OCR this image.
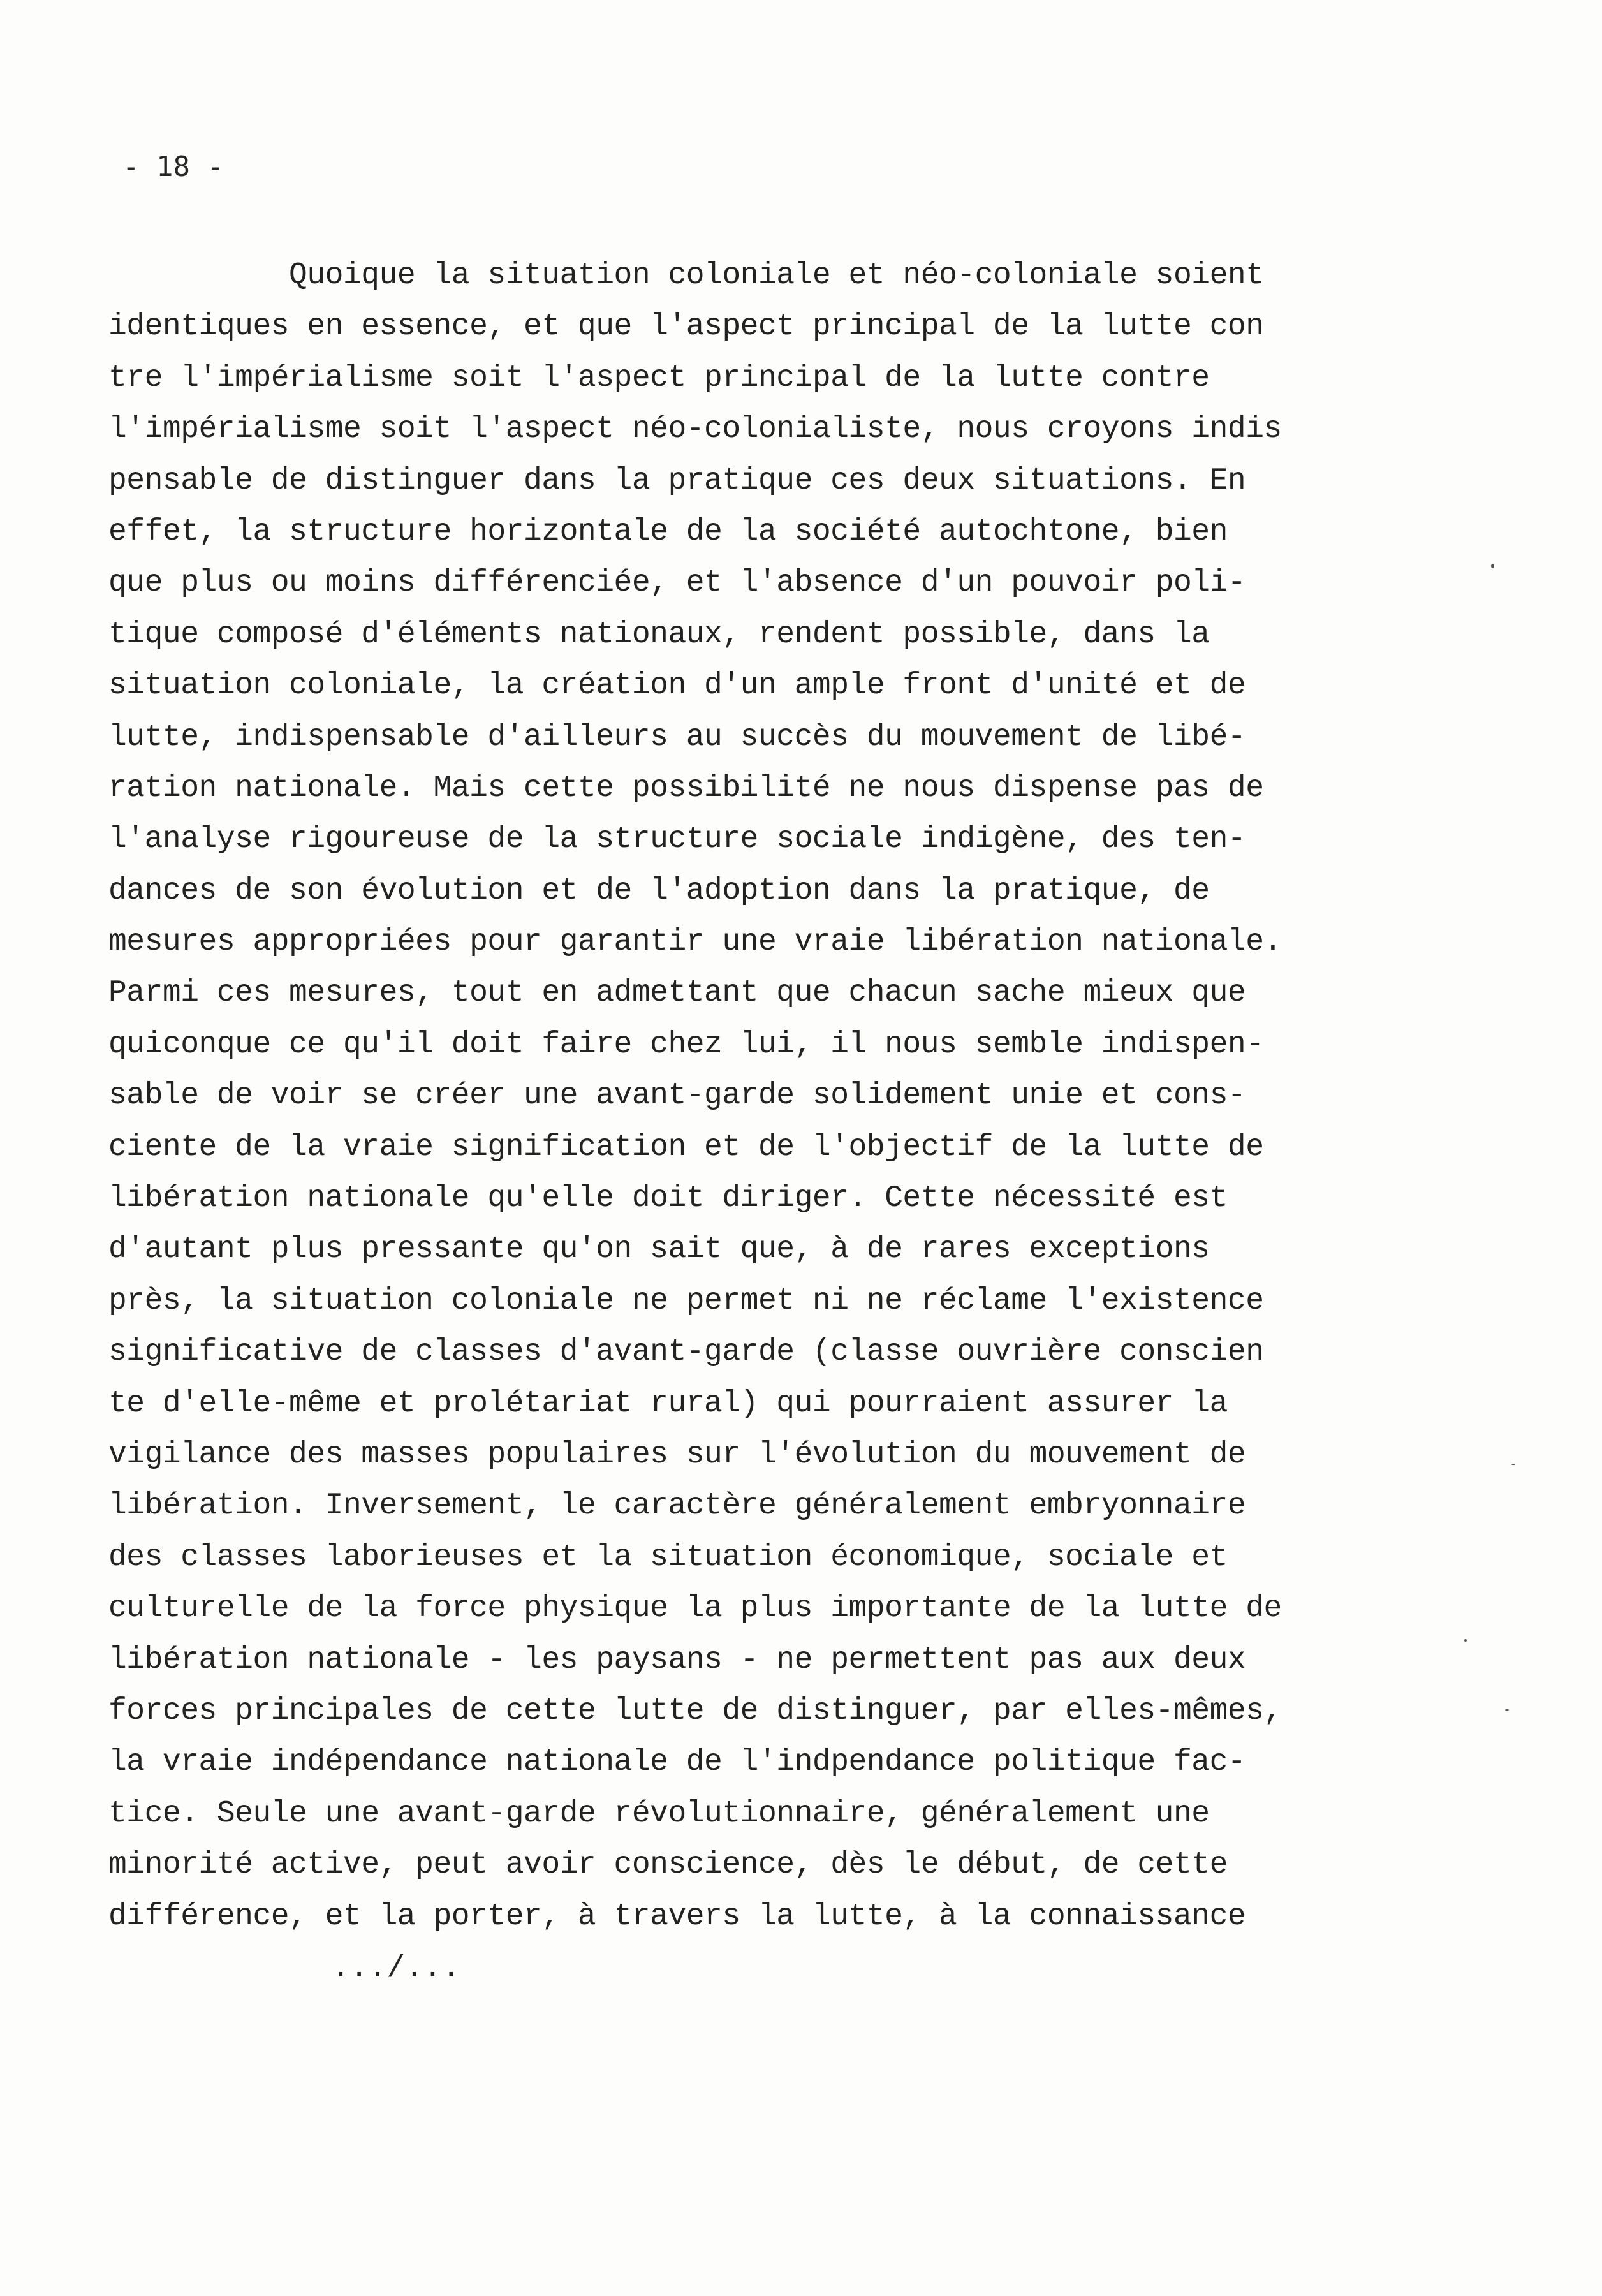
- 18 -
Quoique la situation coloniale et néo-coloniale soient
identiques en essence, et que l'aspect principal de la lutte con
tre l'impérialisme soit l'aspect principal de la lutte contre
l'impérialisme soit l'aspect néo-colonialiste, nous croyons indis
pensable de distinguer dans la pratique ces deux situations. En
effet, la structure horizontale de la société autochtone, bien
que plus ou moins différenciée, et l'absence d'un pouvoir poli-
tique composé d'éléments nationaux, rendent possible, dans la
situation coloniale, la création d'un ample front d'unité et de
lutte, indispensable d'ailleurs au succès du mouvement de libé-
ration nationale. Mais cette possibilité ne nous dispense pas de
l'analyse rigoureuse de la structure sociale indigène, des ten-
dances de son évolution et de l'adoption dans la pratique, de
mesures appropriées pour garantir une vraie libération nationale.
Parmi ces mesures, tout en admettant que chacun sache mieux que
quiconque ce qu'il doit faire chez lui, il nous semble indispen-
sable de voir se créer une avant-garde solidement unie et cons-
ciente de la vraie signification et de l'objectif de la lutte de
libération nationale qu'elle doit diriger. Cette nécessité est
d'autant plus pressante qu'on sait que, à de rares exceptions
près, la situation coloniale ne permet ni ne réclame l'existence
significative de classes d'avant-garde (classe ouvrière conscien
te d'elle-même et prolétariat rural) qui pourraient assurer la
vigilance des masses populaires sur l'évolution du mouvement de
libération. Inversement, le caractère généralement embryonnaire
des classes laborieuses et la situation économique, sociale et
culturelle de la force physique la plus importante de la lutte de
libération nationale - les paysans - ne permettent pas aux deux
forces principales de cette lutte de distinguer, par elles-mêmes,
la vraie indépendance nationale de l'indpendance politique fac-
tice. Seule une avant-garde révolutionnaire, généralement une
minorité active, peut avoir conscience, dès le début, de cette
différence, et la porter, à travers la lutte, à la connaissance
.../...
